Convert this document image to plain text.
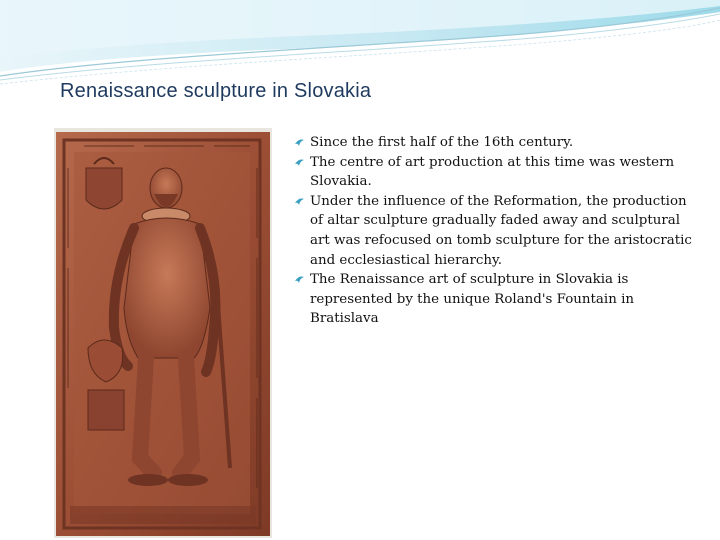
Renaissance sculpture in Slovakia
Since the first half of the 16th century.
The centre of art production at this time was western Slovakia.
Under the influence of the Reformation, the production of altar sculpture gradually faded away and sculptural art was refocused on tomb sculpture for the aristocratic and ecclesiastical hierarchy.
The Renaissance art of sculpture in Slovakia is represented by the unique Roland's Fountain in Bratislava
